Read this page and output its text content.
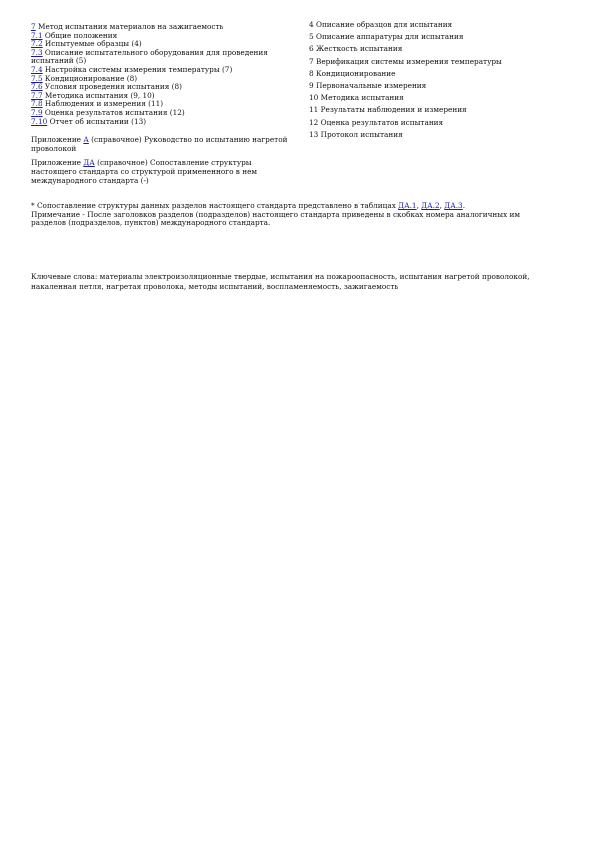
7 Метод испытания материалов на зажигаемость
7.1 Общие положения
7.2 Испытуемые образцы (4)
7.3 Описание испытательного оборудования для проведения испытаний (5)
7.4 Настройка системы измерения температуры (7)
7.5 Кондиционирование (8)
7.6 Условия проведения испытания (8)
7.7 Методика испытания (9, 10)
7.8 Наблюдения и измерения (11)
7.9 Оценка результатов испытания (12)
7.10 Отчет об испытании (13)
Приложение А (справочное) Руководство по испытанию нагретой проволокой
Приложение ДА (справочное) Сопоставление структуры настоящего стандарта со структурой примененного в нем международного стандарта (-)
4 Описание образцов для испытания
5 Описание аппаратуры для испытания
6 Жесткость испытания
7 Верификация системы измерения температуры
8 Кондиционирование
9 Первоначальные измерения
10 Методика испытания
11 Результаты наблюдения и измерения
12 Оценка результатов испытания
13 Протокол испытания
* Сопоставление структуры данных разделов настоящего стандарта представлено в таблицах ДА.1, ДА.2, ДА.3.
Примечание - После заголовков разделов (подразделов) настоящего стандарта приведены в скобках номера аналогичных им разделов (подразделов, пунктов) международного стандарта.
Ключевые слова: материалы электроизоляционные твердые, испытания на пожароопасность, испытания нагретой проволокой, накаленная петля, нагретая проволока, методы испытаний, воспламеняемость, зажигаемость
